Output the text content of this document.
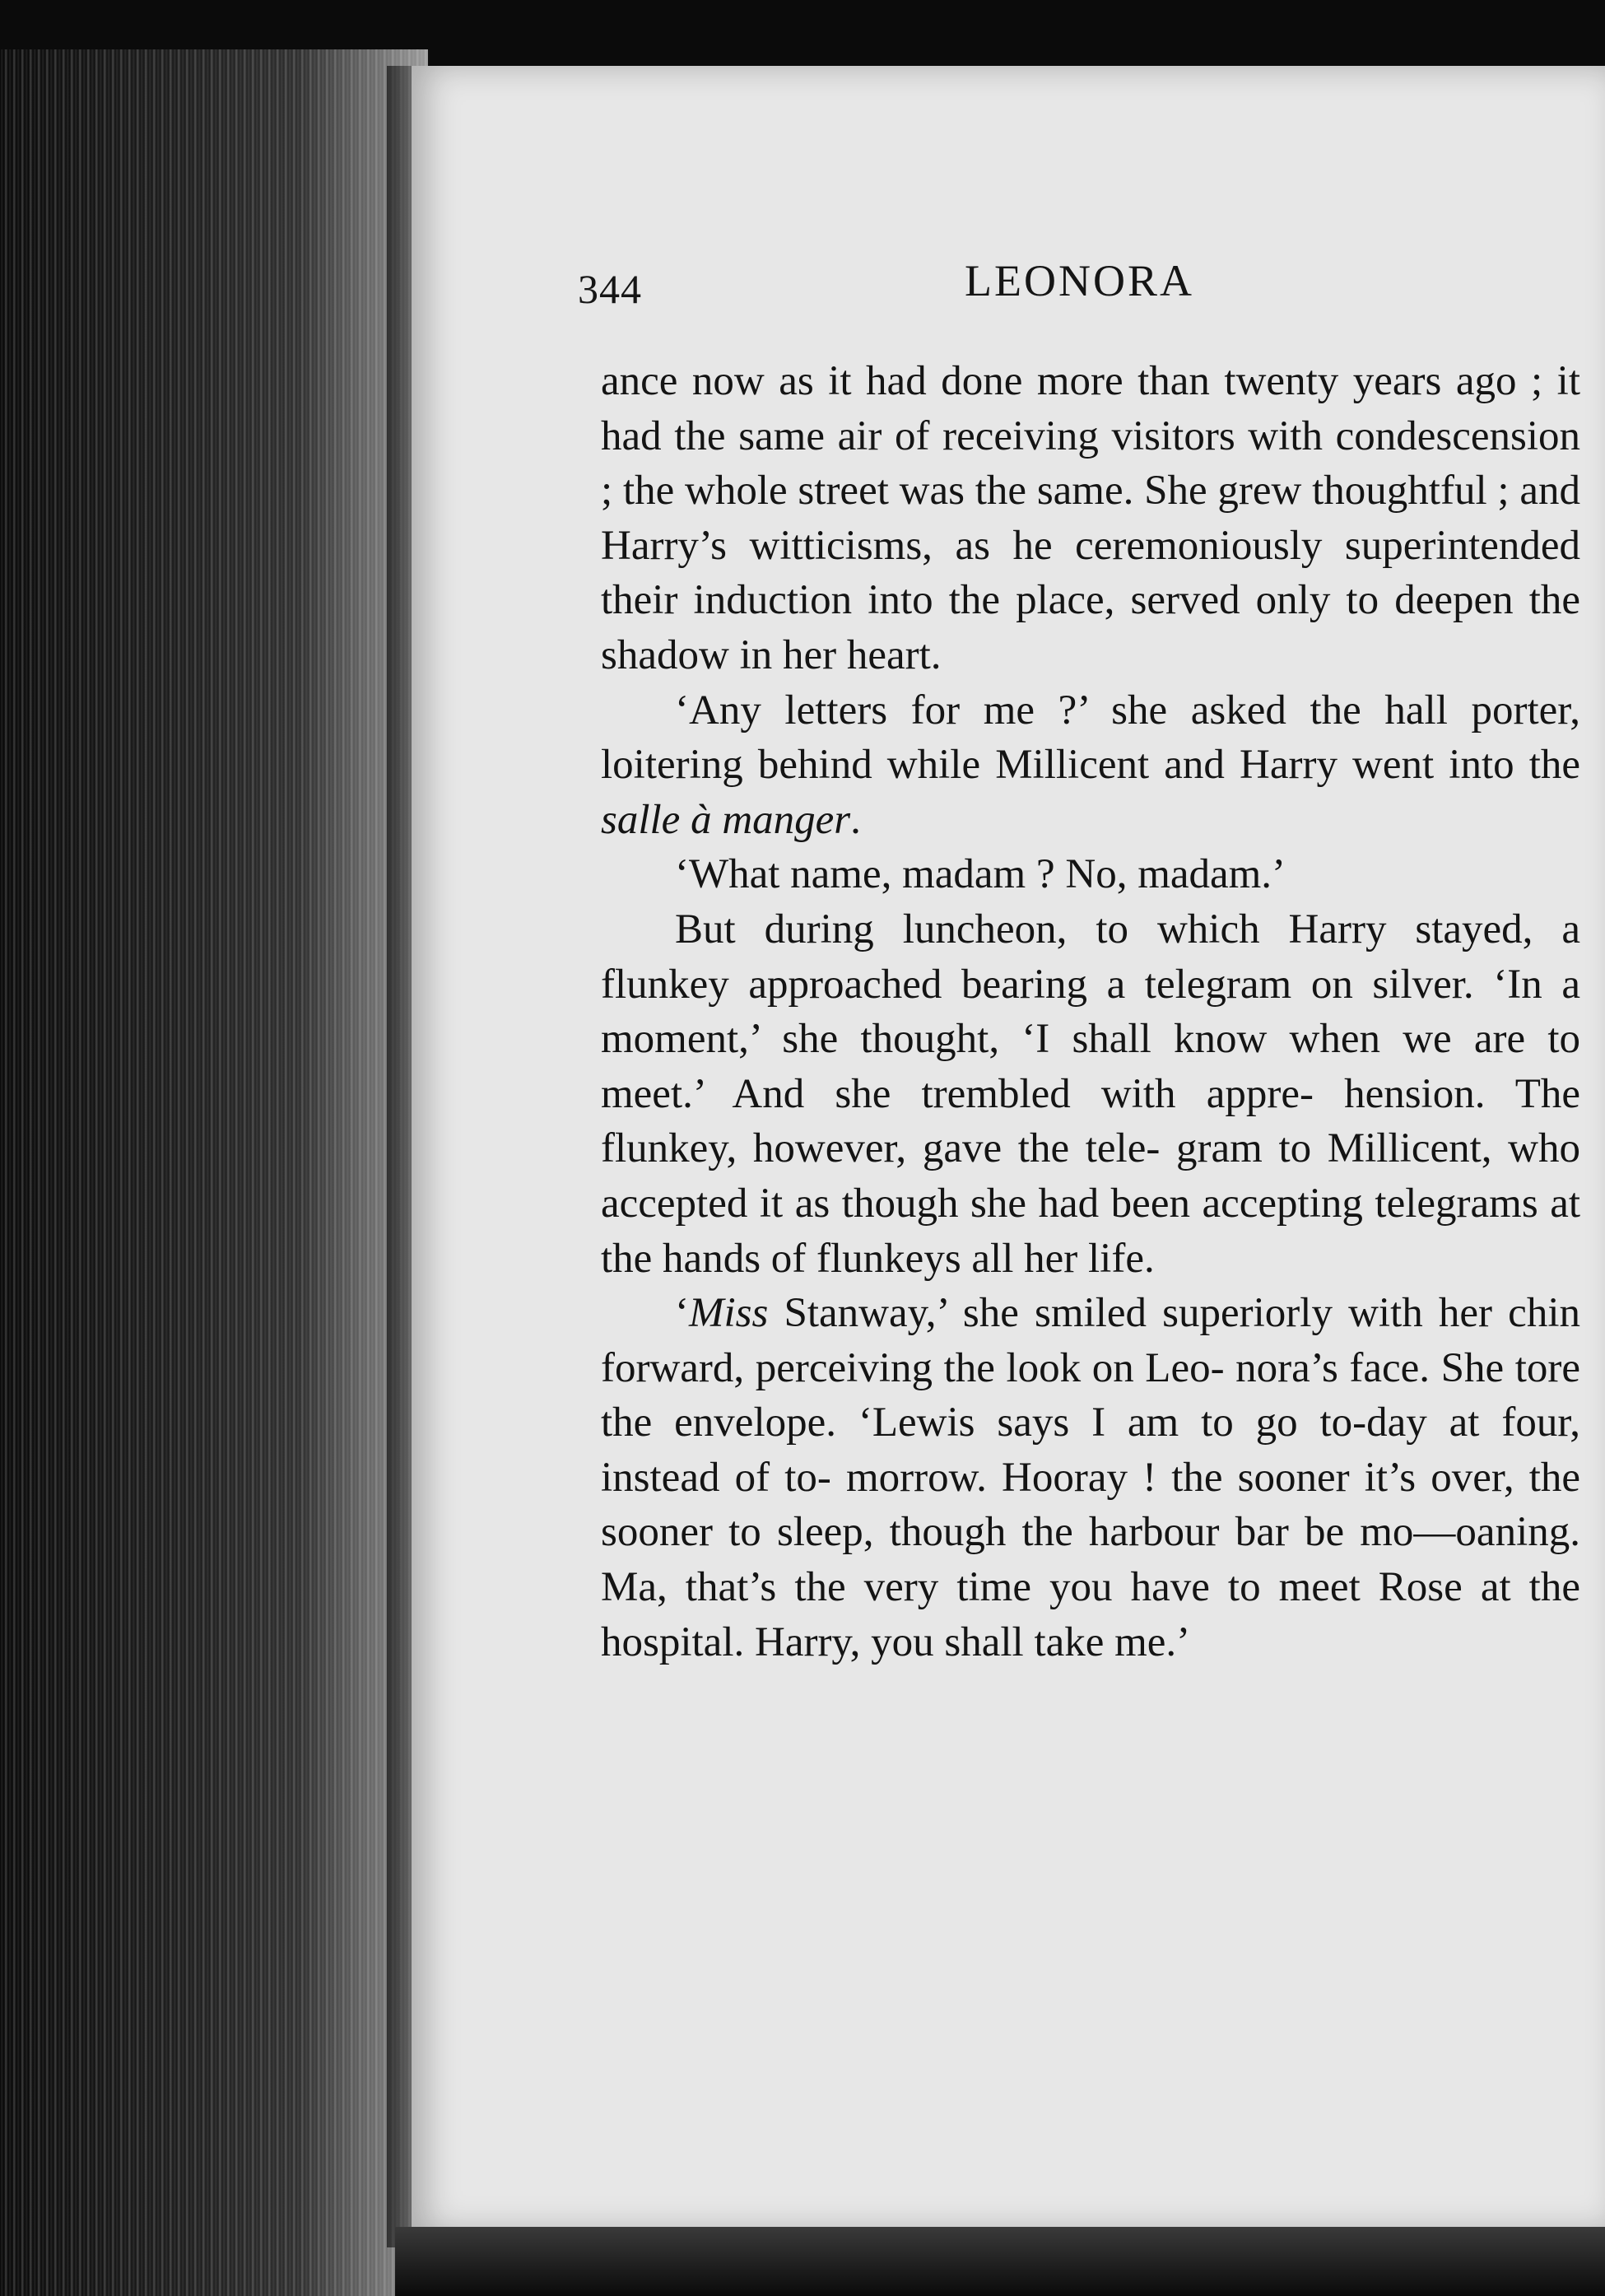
344	LEONORA

ance now as it had done more than twenty years ago ; it had the same air of receiving visitors with condescension ; the whole street was the same. She grew thoughtful ; and Harry’s witticisms, as he ceremoniously superintended their induction into the place, served only to deepen the shadow in her heart.

‘Any letters for me ?’ she asked the hall porter, loitering behind while Millicent and Harry went into the salle à manger.

‘What name, madam ? No, madam.’

But during luncheon, to which Harry stayed, a flunkey approached bearing a telegram on silver. ‘In a moment,’ she thought, ‘I shall know when we are to meet.’ And she trembled with appre- hension. The flunkey, however, gave the tele- gram to Millicent, who accepted it as though she had been accepting telegrams at the hands of flunkeys all her life.

‘Miss Stanway,’ she smiled superiorly with her chin forward, perceiving the look on Leo- nora’s face. She tore the envelope. ‘Lewis says I am to go to-day at four, instead of to- morrow. Hooray ! the sooner it’s over, the sooner to sleep, though the harbour bar be mo—oaning. Ma, that’s the very time you have to meet Rose at the hospital. Harry, you shall take me.’
